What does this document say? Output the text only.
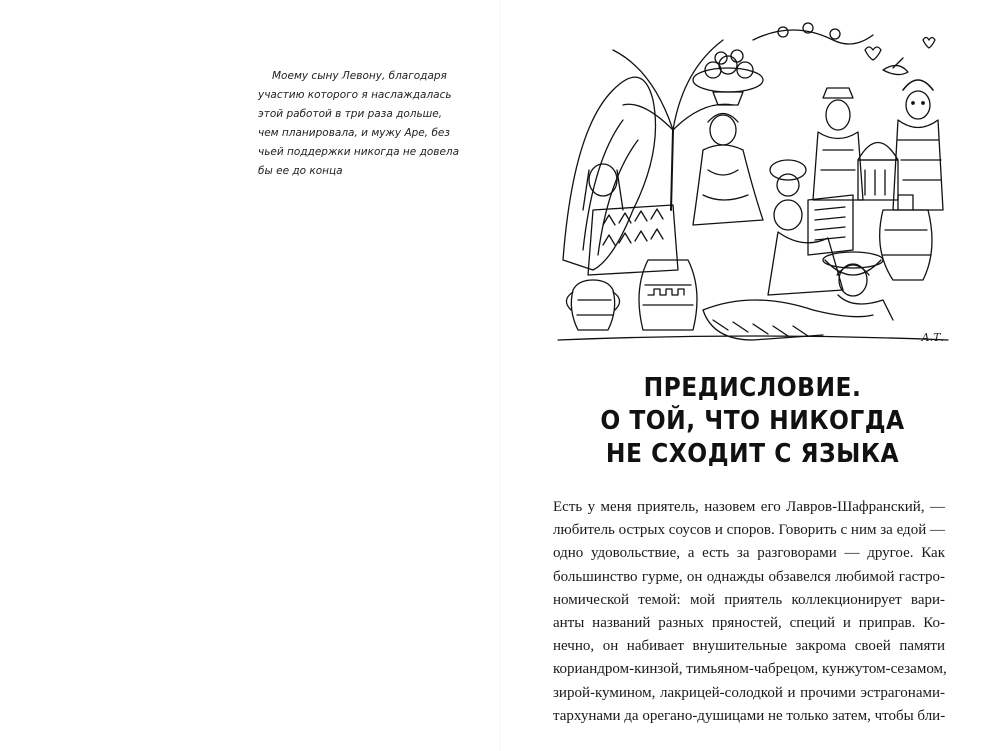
Моему сыну Левону, благодаря
участию которого я наслаждалась
этой работой в три раза дольше,
чем планировала, и мужу Аре, без
чьей поддержки никогда не довела
бы ее до конца
А.Т.
ПРЕДИСЛОВИЕ.
О ТОЙ, ЧТО НИКОГДА
НЕ СХОДИТ С ЯЗЫКА
Есть у меня приятель, назовем его Лавров-Шафранский, —
любитель острых соусов и споров. Говорить с ним за едой —
одно удовольствие, а есть за разговорами — другое. Как
большинство гурме, он однажды обзавелся любимой гастро-
номической темой: мой приятель коллекционирует вари-
анты названий разных пряностей, специй и приправ. Ко-
нечно, он набивает внушительные закрома своей памяти
кориандром-кинзой, тимьяном-чабрецом, кунжутом-сезамом,
зирой-кумином, лакрицей-солодкой и прочими эстрагонами-
тархунами да орегано-душицами не только затем, чтобы бли-
